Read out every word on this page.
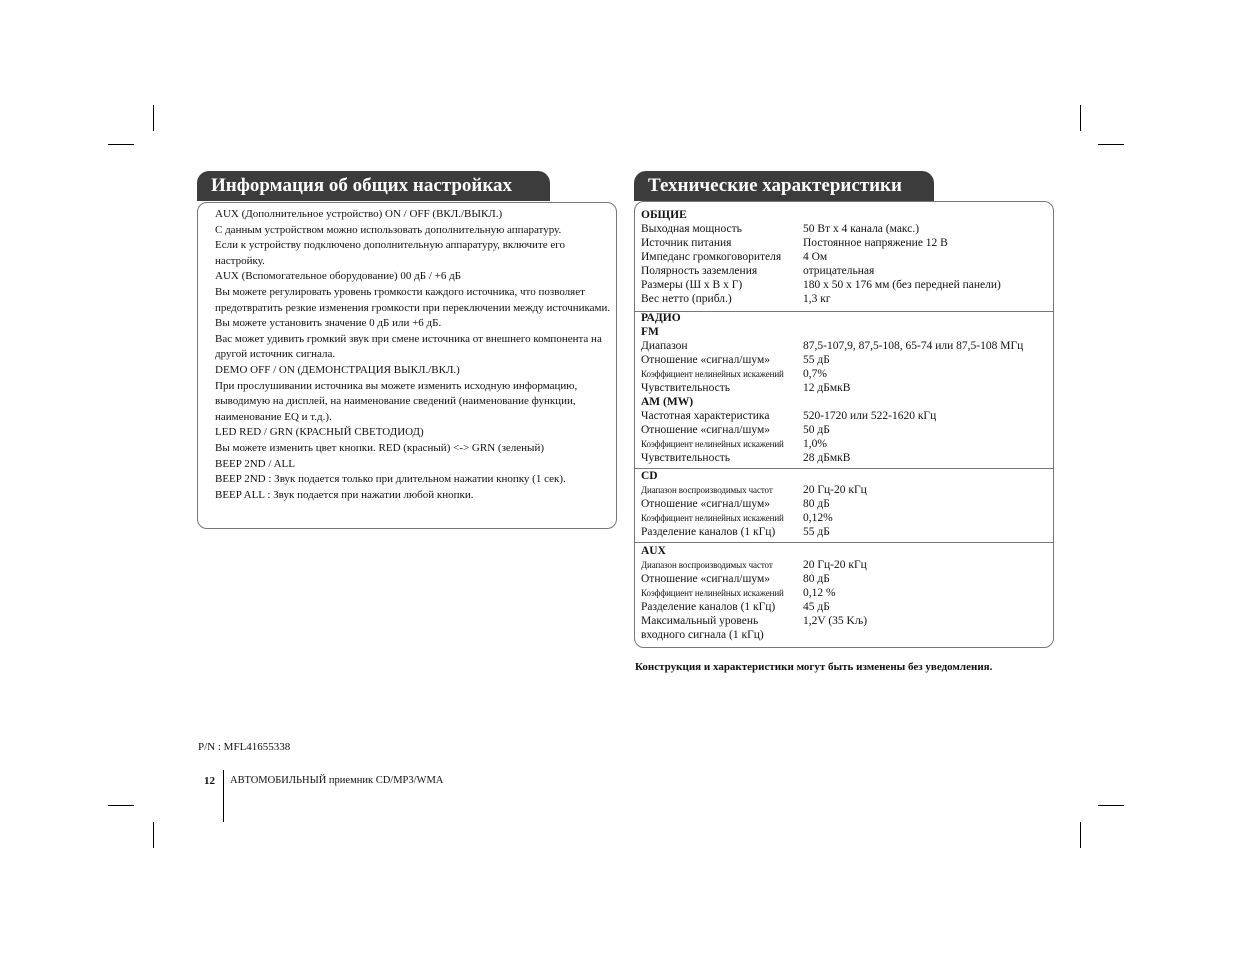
Информация об общих настройках
AUX (Дополнительное устройство) ON / OFF (ВКЛ./ВЫКЛ.)
С данным устройством можно использовать дополнительную аппаратуру.
Если к устройству подключено дополнительную аппаратуру, включите его настройку.
AUX (Вспомогательное оборудование) 00 дБ / +6 дБ
Вы можете регулировать уровень громкости каждого источника, что позволяет предотвратить резкие изменения громкости при переключении между источниками.
Вы можете установить значение 0 дБ или +6 дБ.
Вас может удивить громкий звук при смене источника от внешнего компонента на другой источник сигнала.
DEMO OFF / ON (ДЕМОНСТРАЦИЯ ВЫКЛ./ВКЛ.)
При прослушивании источника вы можете изменить исходную информацию, выводимую на дисплей, на наименование сведений (наименование функции, наименование EQ и т.д.).
LED RED / GRN (КРАСНЫЙ СВЕТОДИОД)
Вы можете изменить цвет кнопки. RED (красный) <-> GRN (зеленый)
BEEP 2ND / ALL
BEEP 2ND : Звук подается только при длительном нажатии кнопку (1 сек).
BEEP ALL : Звук подается при нажатии любой кнопки.
Технические характеристики
ОБЩИЕ
Выходная мощность	50 Вт x 4 канала (макс.)
Источник питания	Постоянное напряжение 12 В
Импеданс громкоговорителя	4 Ом
Полярность заземления	отрицательная
Размеры (Ш x В x Г)	180 x 50 x 176 мм (без передней панели)
Вес нетто (прибл.)	1,3 кг
РАДИО
FM
Диапазон	87,5-107,9, 87,5-108, 65-74 или 87,5-108 МГц
Отношение «сигнал/шум»	55 дБ
Коэффициент нелинейных искажений	0,7%
Чувствительность	12 дБмкВ
AM (MW)
Частотная характеристика	520-1720 или 522-1620 кГц
Отношение «сигнал/шум»	50 дБ
Коэффициент нелинейных искажений	1,0%
Чувствительность	28 дБмкВ
CD
Диапазон воспроизводимых частот	20 Гц-20 кГц
Отношение «сигнал/шум»	80 дБ
Коэффициент нелинейных искажений	0,12%
Разделение каналов (1 кГц)	55 дБ
AUX
Диапазон воспроизводимых частот	20 Гц-20 кГц
Отношение «сигнал/шум»	80 дБ
Коэффициент нелинейных искажений	0,12 %
Разделение каналов (1 кГц)	45 дБ
Максимальный уровень	1,2V (35 Kљ)
входного сигнала (1 кГц)
Конструкция и характеристики могут быть изменены без уведомления.
P/N : MFL41655338
12 АВТОМОБИЛЬНЫЙ приемник CD/MP3/WMA
